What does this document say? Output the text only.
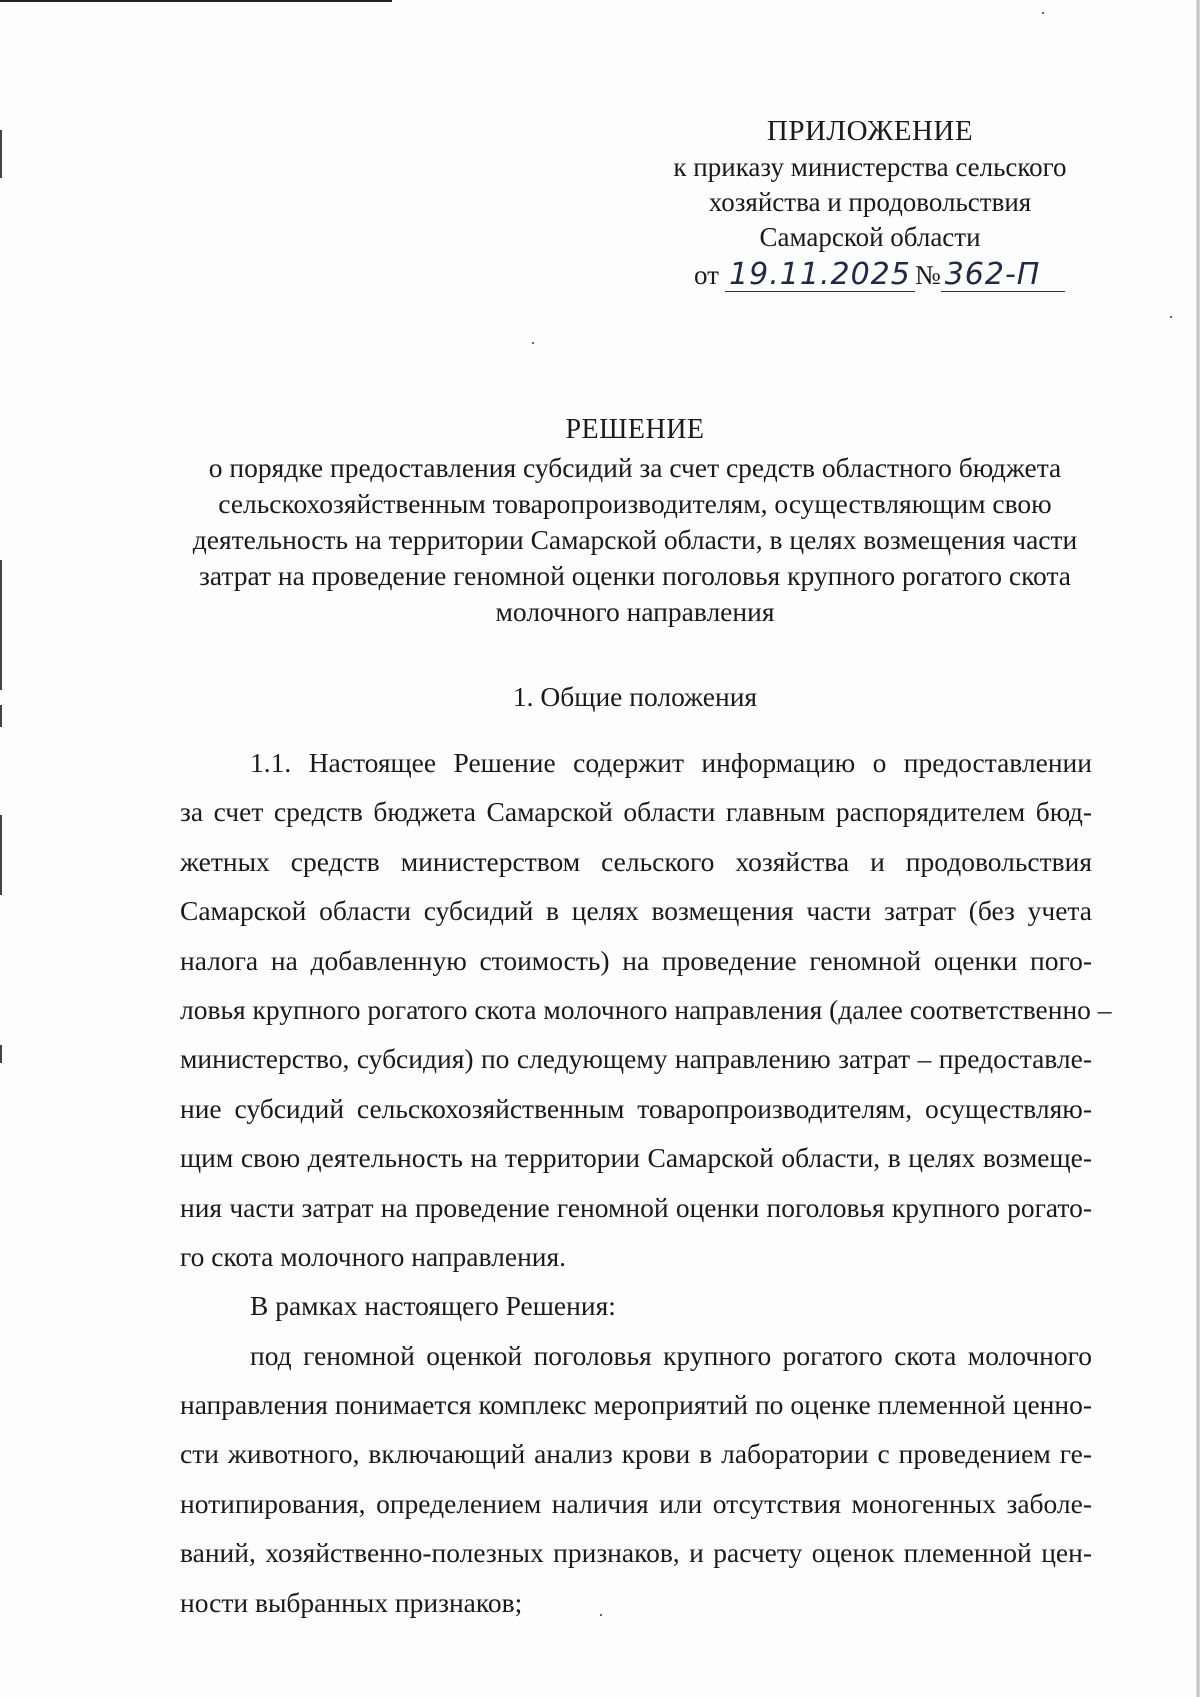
ПРИЛОЖЕНИЕ
к приказу министерства сельского
хозяйства и продовольствия
Самарской области
от 19.11.2025 № 362-П
РЕШЕНИЕ
о порядке предоставления субсидий за счет средств областного бюджета
сельскохозяйственным товаропроизводителям, осуществляющим свою
деятельность на территории Самарской области, в целях возмещения части
затрат на проведение геномной оценки поголовья крупного рогатого скота
молочного направления
1. Общие положения
1.1. Настоящее Решение содержит информацию о предоставлении
за счет средств бюджета Самарской области главным распорядителем бюд-
жетных средств министерством сельского хозяйства и продовольствия
Самарской области субсидий в целях возмещения части затрат (без учета
налога на добавленную стоимость) на проведение геномной оценки пого-
ловья крупного рогатого скота молочного направления (далее соответственно –
министерство, субсидия) по следующему направлению затрат – предоставле-
ние субсидий сельскохозяйственным товаропроизводителям, осуществляю-
щим свою деятельность на территории Самарской области, в целях возмеще-
ния части затрат на проведение геномной оценки поголовья крупного рогато-
го скота молочного направления.
В рамках настоящего Решения:
под геномной оценкой поголовья крупного рогатого скота молочного
направления понимается комплекс мероприятий по оценке племенной ценно-
сти животного, включающий анализ крови в лаборатории с проведением ге-
нотипирования, определением наличия или отсутствия моногенных заболе-
ваний, хозяйственно-полезных признаков, и расчету оценок племенной цен-
ности выбранных признаков;
